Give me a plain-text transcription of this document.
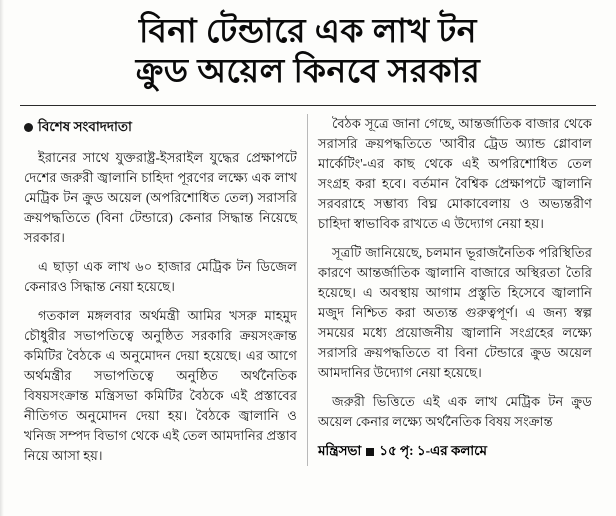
বিনা টেন্ডারে এক লাখ টন
ক্রুড অয়েল কিনবে সরকার
বিশেষ সংবাদদাতা

ইরানের সাথে যুক্তরাষ্ট্র-ইসরাইল যুদ্ধের প্রেক্ষাপটে দেশের জরুরী জ্বালানি চাহিদা পূরণের লক্ষ্যে এক লাখ মেট্রিক টন ক্রুড অয়েল (অপরিশোধিত তেল) সরাসরি ক্রয়পদ্ধতিতে (বিনা টেন্ডারে) কেনার সিদ্ধান্ত নিয়েছে সরকার।

এ ছাড়া এক লাখ ৬০ হাজার মেট্রিক টন ডিজেল কেনারও সিদ্ধান্ত নেয়া হয়েছে।

গতকাল মঙ্গলবার অর্থমন্ত্রী আমির খসরু মাহমুদ চৌধুরীর সভাপতিত্বে অনুষ্ঠিত সরকারি ক্রয়সংক্রান্ত কমিটির বৈঠকে এ অনুমোদন দেয়া হয়েছে। এর আগে অর্থমন্ত্রীর সভাপতিত্বে অনুষ্ঠিত অর্থনৈতিক বিষয়সংক্রান্ত মন্ত্রিসভা কমিটির বৈঠকে এই প্রস্তাবের নীতিগত অনুমোদন দেয়া হয়। বৈঠকে জ্বালানি ও খনিজ সম্পদ বিভাগ থেকে এই তেল আমদানির প্রস্তাব নিয়ে আসা হয়।

বৈঠক সূত্রে জানা গেছে, আন্তর্জাতিক বাজার থেকে সরাসরি ক্রয়পদ্ধতিতে 'আবীর ট্রেড অ্যান্ড গ্লোবাল মার্কেটিং'-এর কাছ থেকে এই অপরিশোধিত তেল সংগ্রহ করা হবে। বর্তমান বৈশ্বিক প্রেক্ষাপটে জ্বালানি সরবরাহে সম্ভাব্য বিঘ্ন মোকাবেলায় ও অভ্যন্তরীণ চাহিদা স্বাভাবিক রাখতে এ উদ্যোগ নেয়া হয়।

সূত্রটি জানিয়েছে, চলমান ভূরাজনৈতিক পরিস্থিতির কারণে আন্তর্জাতিক জ্বালানি বাজারে অস্থিরতা তৈরি হয়েছে। এ অবস্থায় আগাম প্রস্তুতি হিসেবে জ্বালানি মজুদ নিশ্চিত করা অত্যন্ত গুরুত্বপূর্ণ। এ জন্য স্বল্প সময়ের মধ্যে প্রয়োজনীয় জ্বালানি সংগ্রহের লক্ষ্যে সরাসরি ক্রয়পদ্ধতিতে বা বিনা টেন্ডারে ক্রুড অয়েল আমদানির উদ্যোগ নেয়া হয়েছে।

জরুরী ভিত্তিতে এই এক লাখ মেট্রিক টন ক্রুড অয়েল কেনার লক্ষ্যে অর্থনৈতিক বিষয় সংক্রান্ত

মন্ত্রিসভা ১৫ পৃ: ১-এর কলামে
